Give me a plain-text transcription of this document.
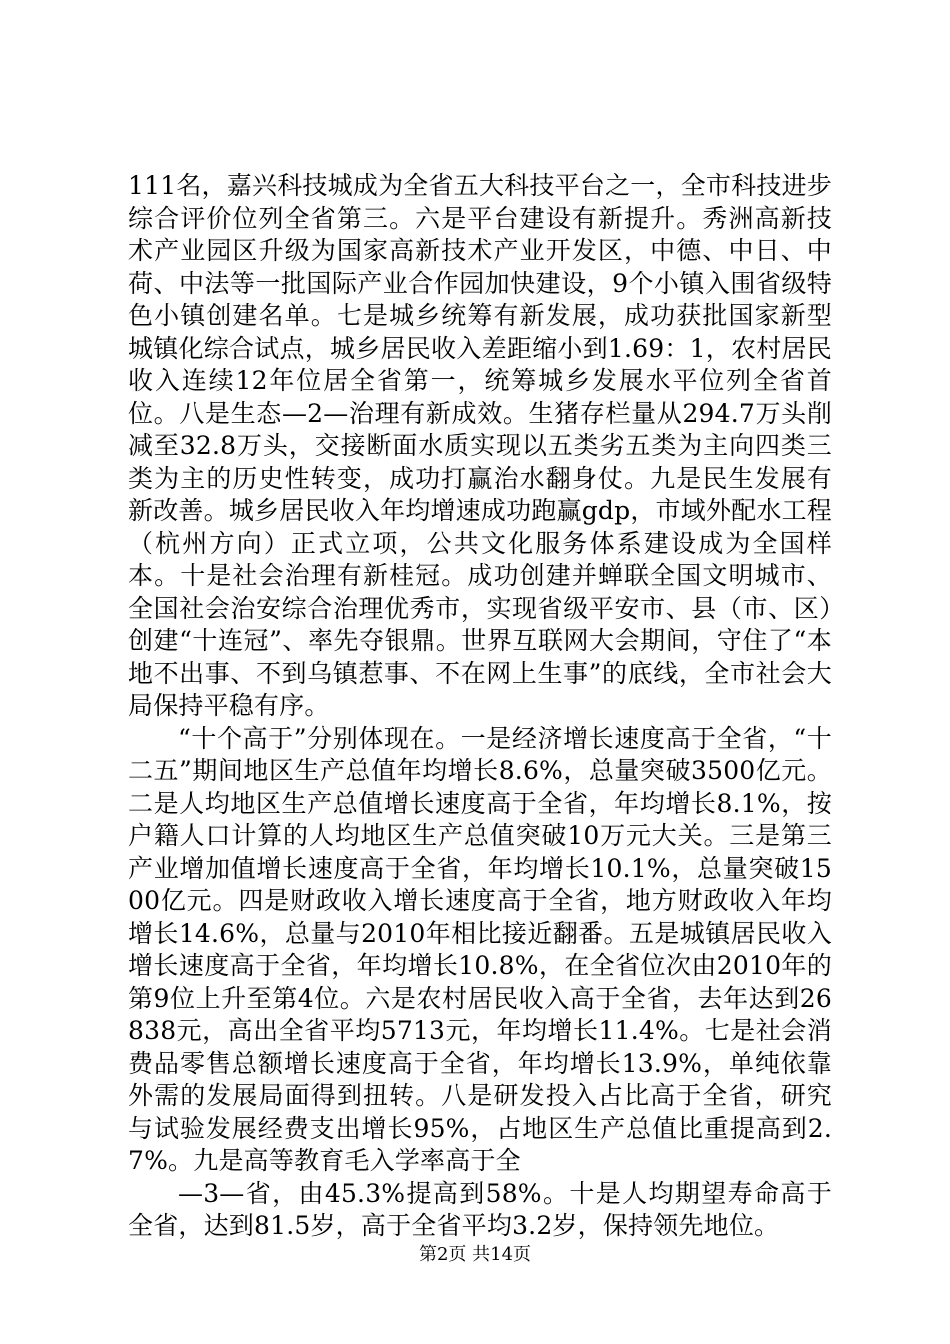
111名，嘉兴科技城成为全省五大科技平台之一，全市科技进步综合评价位列全省第三。六是平台建设有新提升。秀洲高新技术产业园区升级为国家高新技术产业开发区，中德、中日、中荷、中法等一批国际产业合作园加快建设，9个小镇入围省级特色小镇创建名单。七是城乡统筹有新发展，成功获批国家新型城镇化综合试点，城乡居民收入差距缩小到1.69：1，农村居民收入连续12年位居全省第一，统筹城乡发展水平位列全省首位。八是生态—2—治理有新成效。生猪存栏量从294.7万头削减至32.8万头，交接断面水质实现以五类劣五类为主向四类三类为主的历史性转变，成功打赢治水翻身仗。九是民生发展有新改善。城乡居民收入年均增速成功跑赢gdp，市域外配水工程（杭州方向）正式立项，公共文化服务体系建设成为全国样本。十是社会治理有新桂冠。成功创建并蝉联全国文明城市、全国社会治安综合治理优秀市，实现省级平安市、县（市、区）创建“十连冠”、率先夺银鼎。世界互联网大会期间，守住了“本地不出事、不到乌镇惹事、不在网上生事”的底线，全市社会大局保持平稳有序。

“十个高于”分别体现在。一是经济增长速度高于全省，“十二五”期间地区生产总值年均增长8.6%，总量突破3500亿元。二是人均地区生产总值增长速度高于全省，年均增长8.1%，按户籍人口计算的人均地区生产总值突破10万元大关。三是第三产业增加值增长速度高于全省，年均增长10.1%，总量突破1500亿元。四是财政收入增长速度高于全省，地方财政收入年均增长14.6%，总量与2010年相比接近翻番。五是城镇居民收入增长速度高于全省，年均增长10.8%，在全省位次由2010年的第9位上升至第4位。六是农村居民收入高于全省，去年达到26838元，高出全省平均5713元，年均增长11.4%。七是社会消费品零售总额增长速度高于全省，年均增长13.9%，单纯依靠外需的发展局面得到扭转。八是研发投入占比高于全省，研究与试验发展经费支出增长95%，占地区生产总值比重提高到2.7%。九是高等教育毛入学率高于全

—3—省，由45.3%提高到58%。十是人均期望寿命高于全省，达到81.5岁，高于全省平均3.2岁，保持领先地位。

第2页 共14页
